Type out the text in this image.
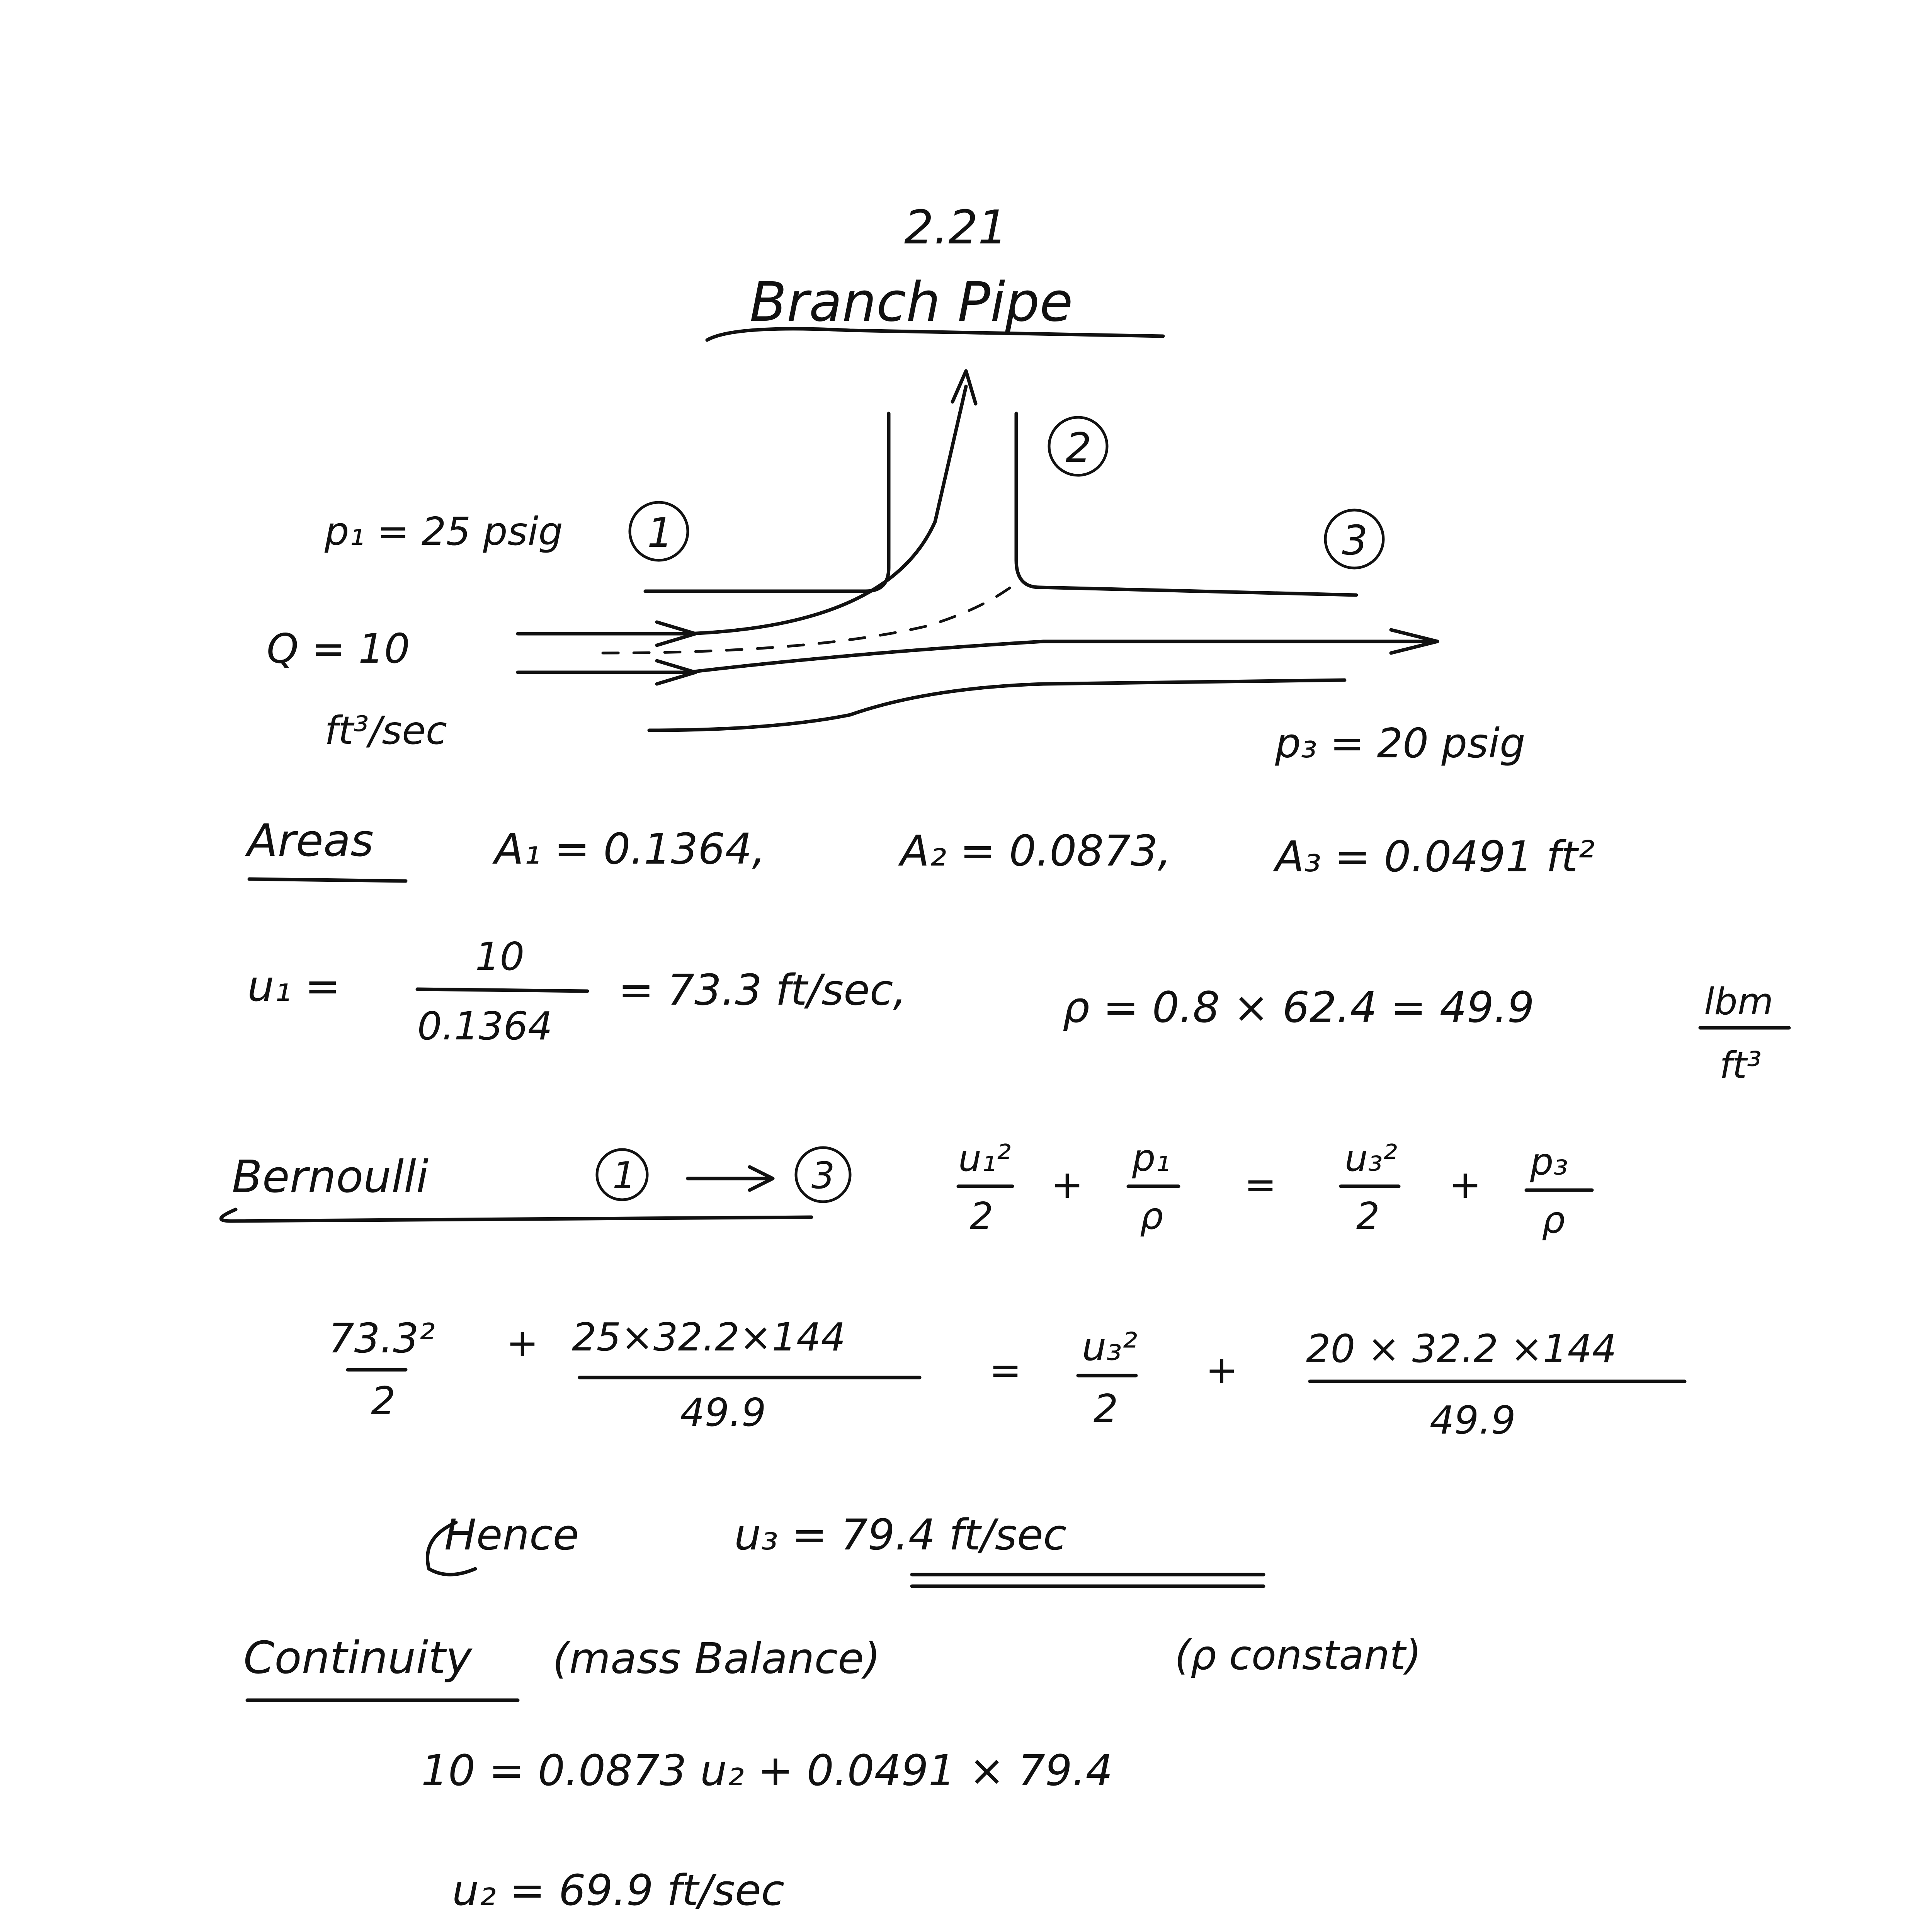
2.21
Branch Pipe
1
2
3
p₁ = 25 psig
Q = 10
ft³/sec	p₃ = 20 psig
Areas	A₁ = 0.1364,	A₂ = 0.0873, A₃ = 0.0491 ft²
u₁ =
10
0.1364
= 73.3 ft/sec,	ρ = 0.8 × 62.4 = 49.9	lbm
ft³
Bernoulli	1	3	u₁²
2
+
p₁
ρ
=
u₃²
2
+ p₃
ρ
73.3²
2
+ 25×32.2×144
49.9
=
u₃²
2
+ 20 × 32.2 ×144
49.9
Hence	u₃ = 79.4 ft/sec
Continuity (mass Balance)	(ρ constant)
10 = 0.0873 u₂ + 0.0491 × 79.4
u₂ = 69.9 ft/sec
